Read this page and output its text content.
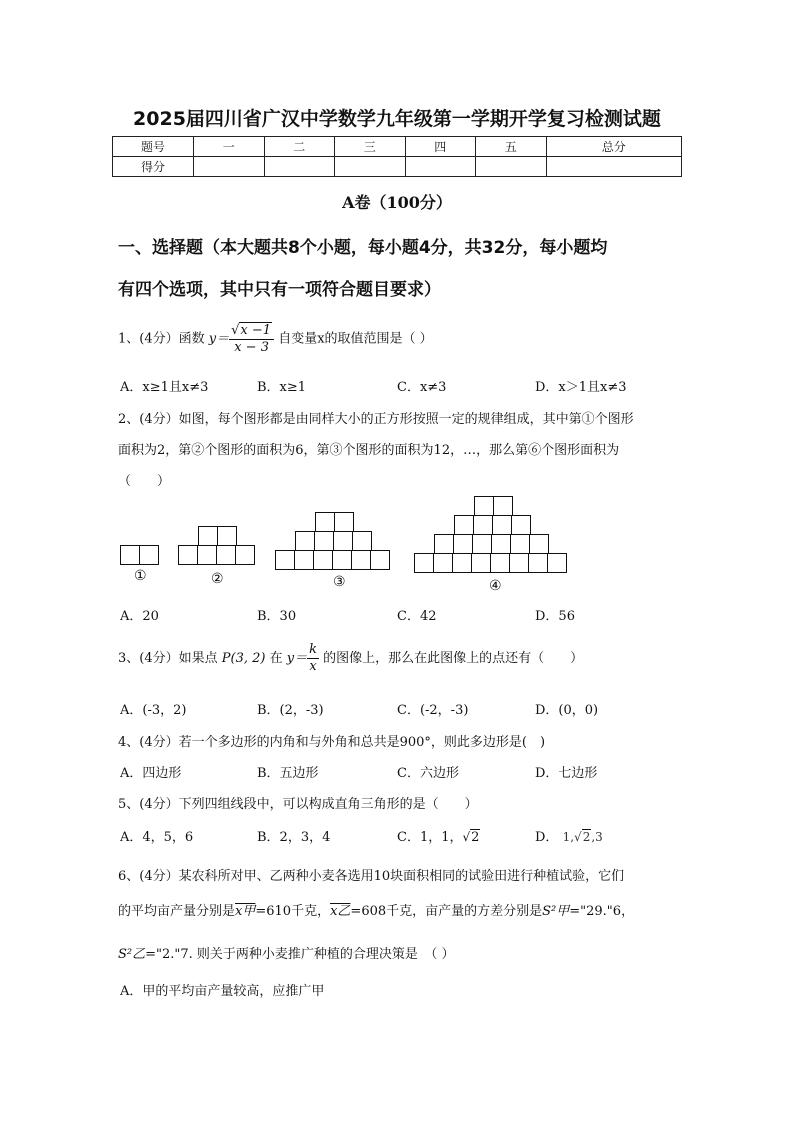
2025届四川省广汉中学数学九年级第一学期开学复习检测试题
题号	一	二	三	四	五	总分
得分						
A卷（100分）
一、选择题（本大题共8个小题，每小题4分，共32分，每小题均
有四个选项，其中只有一项符合题目要求）
1、(4分）函数 $y= \frac{√x -1}{x - 3}$ 自变量x的取值范围是（ ）
A．x≥1且x≠3	B．x≥1	C．x≠3	D．x＞1且x≠3
2、(4分）如图，每个图形都是由同样大小的正方形按照一定的规律组成，其中第①个图形
面积为2，第②个图形的面积为6，第③个图形的面积为12，…，那么第⑥个图形面积为
（　　）
①	②	③	④
A．20	B．30	C．42	D．56
3、(4分）如果点 P(3, 2) 在 $y= \frac{k}{x}$ 的图像上，那么在此图像上的点还有（　　）
A．(-3，2)	B．(2，-3)	C．(-2，-3)	D．(0，0)
4、(4分）若一个多边形的内角和与外角和总共是900°，则此多边形是(　)
A．四边形	B．五边形	C．六边形	D．七边形
5、(4分）下列四组线段中，可以构成直角三角形的是（　　）
A．4，5，6	B．2，3，4	C．1，1，√2	D． 1,√2,3
6、(4分）某农科所对甲、乙两种小麦各选用10块面积相同的试验田进行种植试验，它们
的平均亩产量分别是x甲=610千克，x乙=608千克，亩产量的方差分别是S²甲="29."6，
S²乙="2."7. 则关于两种小麦推广种植的合理决策是　（ ）
A．甲的平均亩产量较高，应推广甲
